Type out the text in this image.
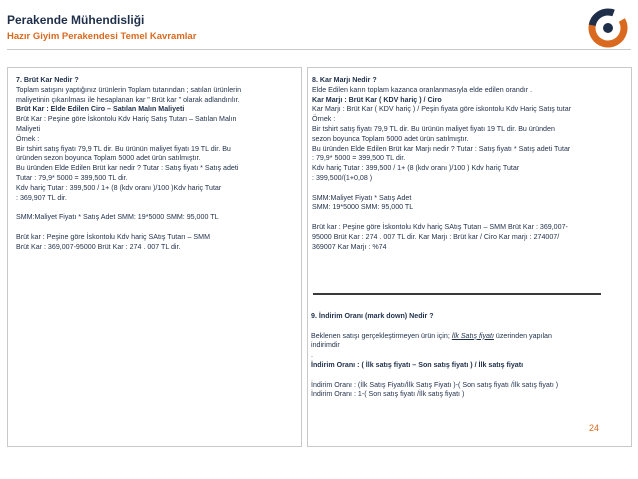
Perakende Mühendisliği
Hazır Giyim Perakendesi Temel Kavramlar
7. Brüt Kar Nedir ?
Toplam satışını yaptığınız ürünlerin Toplam tutarından ; satılan ürünlerin
maliyetinin çıkarılması ile hesaplanan kar " Brüt kar " olarak adlandırılır.
Brüt Kar : Elde Edilen Ciro – Satılan Malın Maliyeti
Brüt Kar : Peşine göre İskontolu Kdv Hariç Satış Tutarı – Satılan Malın
Maliyeti
Örnek :
Bir tshirt satış fiyatı 79,9 TL dir. Bu ürünün maliyet fiyatı 19 TL dir. Bu
üründen sezon boyunca Toplam 5000 adet ürün satılmıştır.
Bu üründen Elde Edilen Brüt kar nedir ? Tutar : Satış fiyatı * Satış adeti
Tutar : 79,9* 5000 = 399,500 TL dir.
Kdv hariç Tutar : 399,500 / 1+ (8 (kdv oranı )/100 )Kdv hariç Tutar
: 369,907 TL dir.
SMM:Maliyet Fiyatı * Satış Adet SMM: 19*5000 SMM: 95,000 TL
Brüt kar : Peşine göre İskontolu Kdv hariç SAtış Tutarı – SMM
Brüt Kar : 369,007-95000 Brüt Kar : 274 . 007 TL dir.
8. Kar Marjı Nedir ?
Elde Edilen karın toplam kazanca oranlanmasıyla elde edilen orandır .
Kar Marjı : Brüt Kar ( KDV hariç ) / Ciro
Kar Marjı : Brüt Kar ( KDV hariç ) / Peşin fiyata göre iskontolu Kdv Hariç Satış tutar
Örnek :
Bir tshirt satış fiyatı 79,9 TL dir. Bu ürünün maliyet fiyatı 19 TL dir. Bu üründen
sezon boyunca Toplam 5000 adet ürün satılmıştır.
Bu üründen Elde Edilen Brüt kar Marjı nedir ? Tutar : Satış fiyatı * Satış adeti Tutar
: 79,9* 5000 = 399,500 TL dir.
Kdv hariç Tutar : 399,500 / 1+ (8 (kdv oranı )/100 ) Kdv hariç Tutar
: 399,500/(1+0,08 )
SMM:Maliyet Fiyatı * Satış Adet
SMM: 19*5000 SMM: 95,000 TL
Brüt kar : Peşine göre İskontolu Kdv hariç SAtış Tutarı – SMM Brüt Kar : 369,007-
95000 Brüt Kar : 274 . 007 TL dir. Kar Marjı : Brüt kar / Ciro Kar marjı : 274007/
369007 Kar Marjı : %74
9. İndirim Oranı (mark down) Nedir ?
Beklenen satışı gerçekleştirmeyen ürün için; İlk Satış fiyatı üzerinden yapılan
indirimdir
.
İndirim Oranı : ( İlk satış fiyatı – Son satış fiyatı ) / İlk satış fiyatı
İndirim Oranı : (İlk Satış Fiyatı/İlk Satış Fiyatı )-( Son satış fiyatı /İlk satış fiyatı )
İndirim Oranı : 1-( Son satış fiyatı /İlk satış fiyatı )
24
